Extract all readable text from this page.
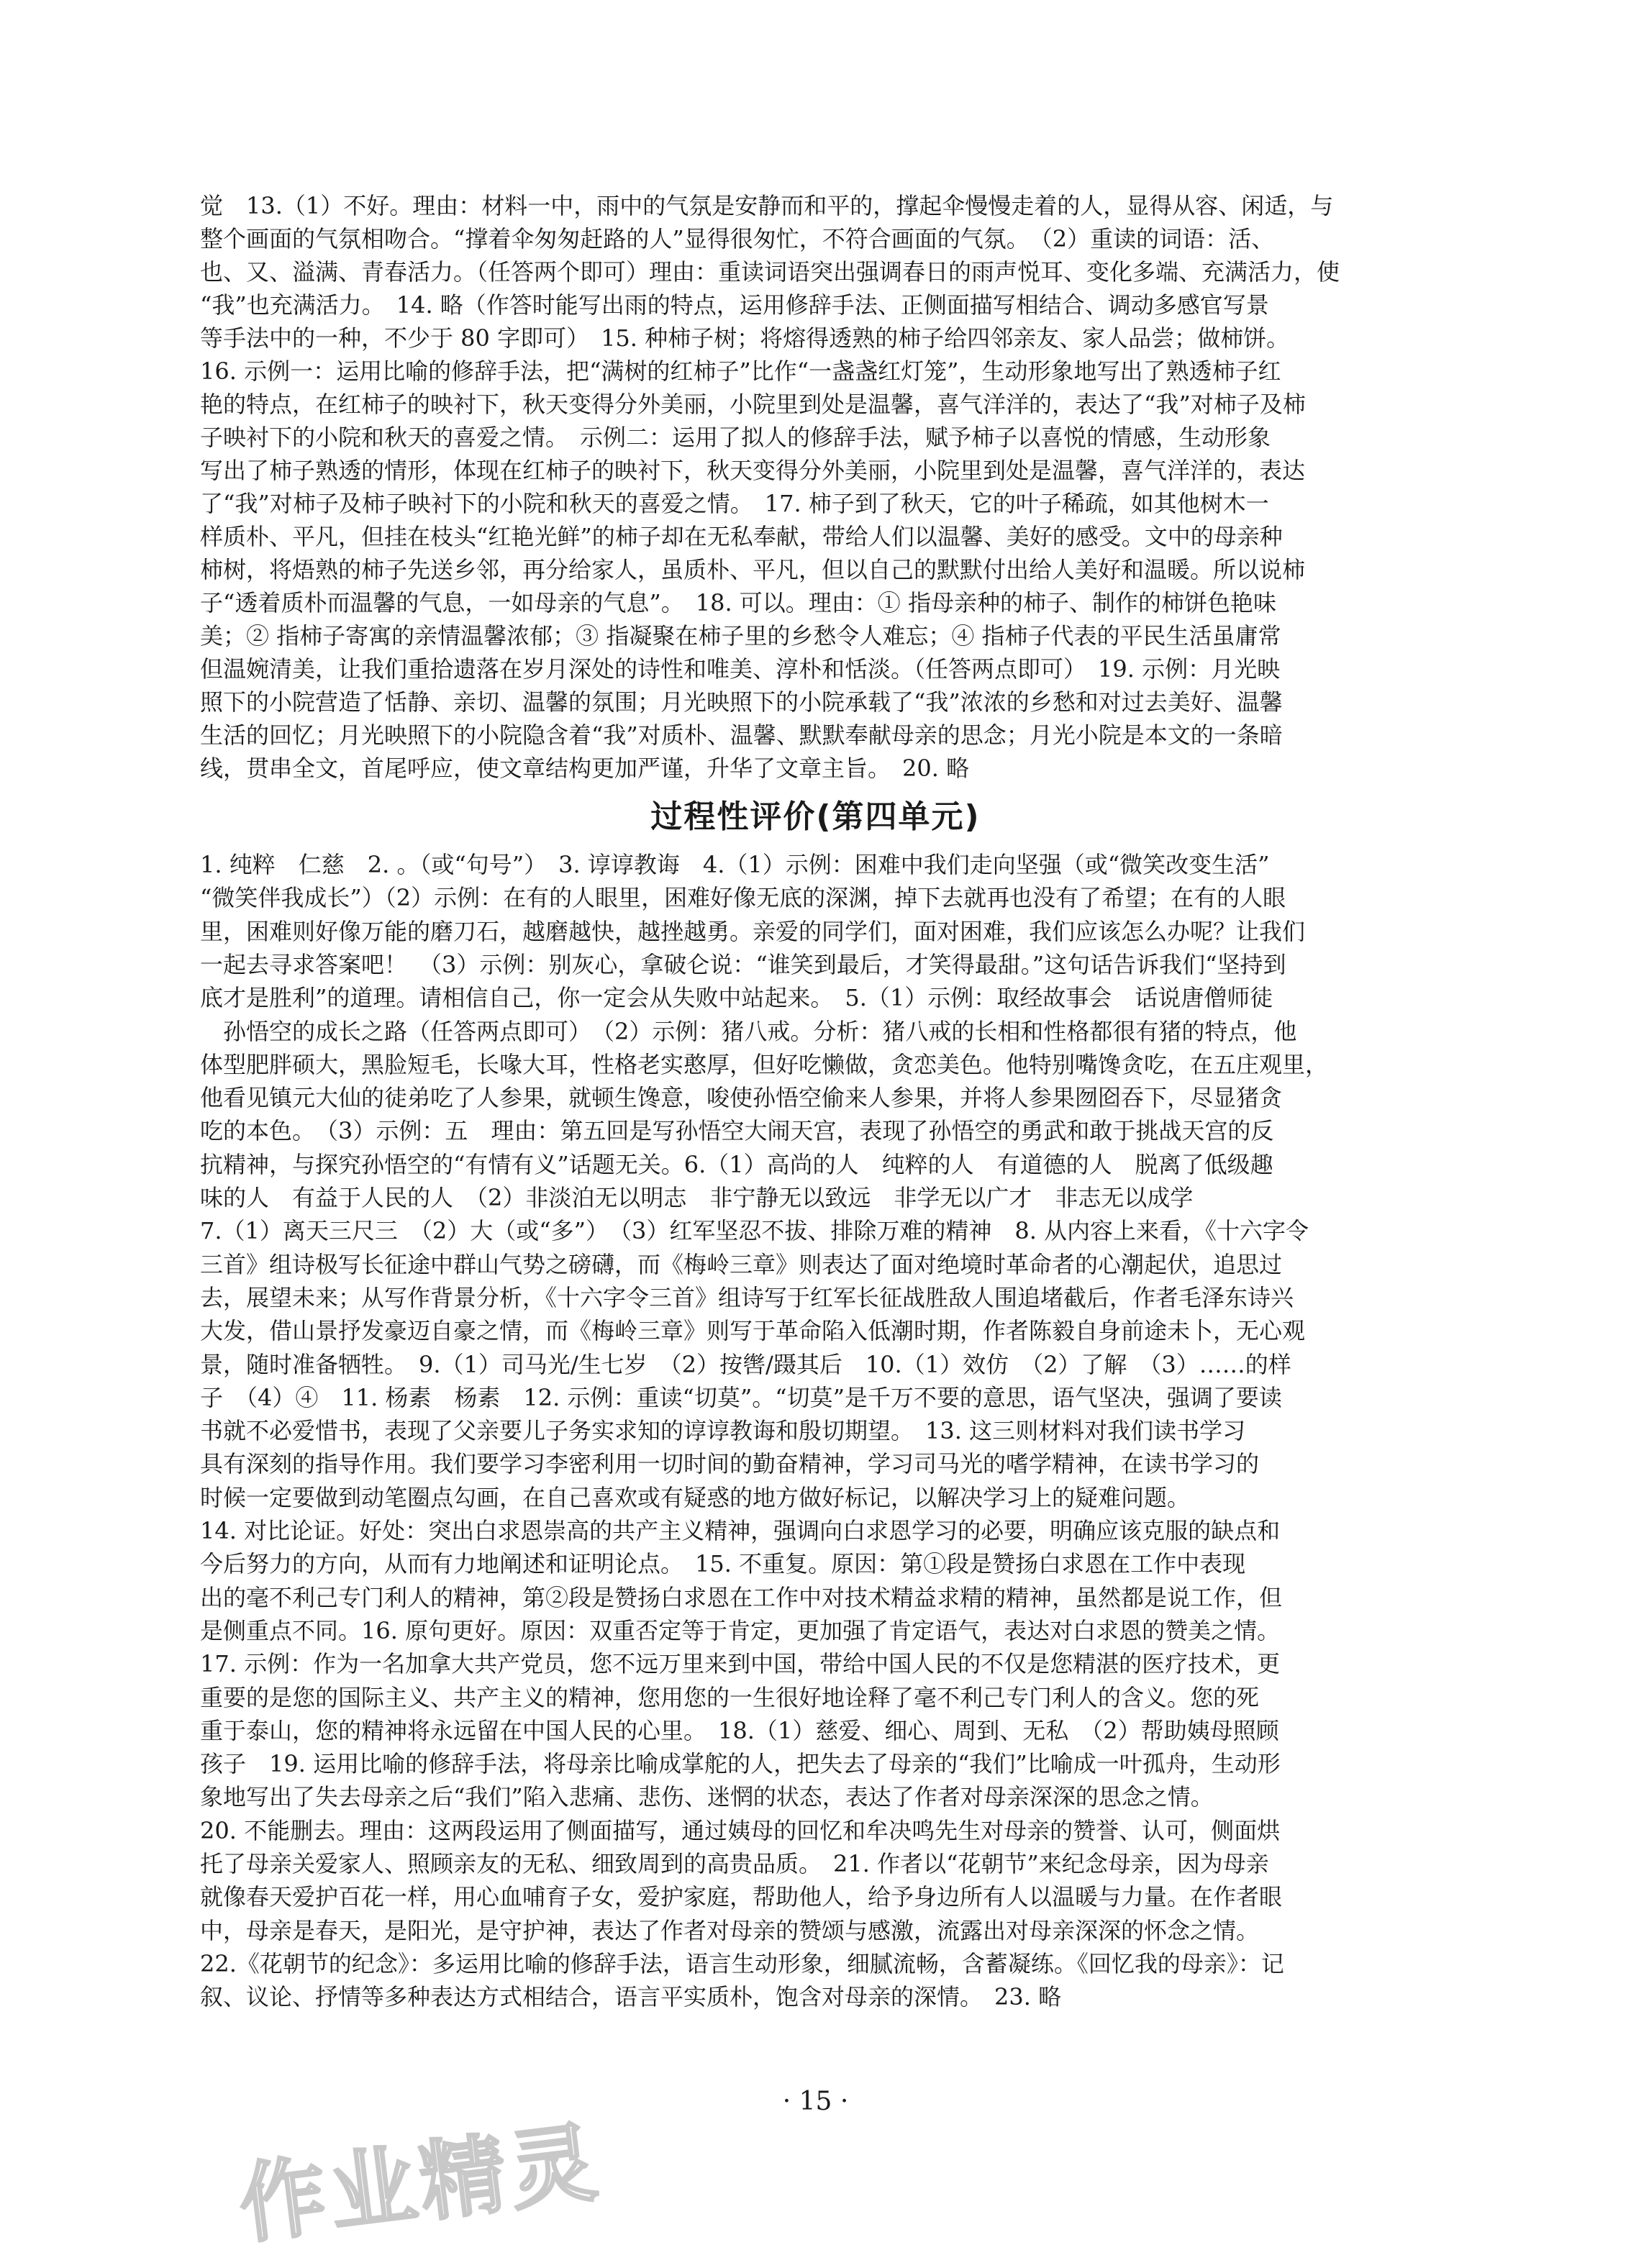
觉　13.（1）不好。理由：材料一中，雨中的气氛是安静而和平的，撑起伞慢慢走着的人，显得从容、闲适，与
整个画面的气氛相吻合。“撑着伞匆匆赶路的人”显得很匆忙，不符合画面的气氛。　（2）重读的词语：活、
也、又、溢满、青春活力。（任答两个即可）理由：重读词语突出强调春日的雨声悦耳、变化多端、充满活力，使
“我”也充满活力。　14. 略（作答时能写出雨的特点，运用修辞手法、正侧面描写相结合、调动多感官写景
等手法中的一种，不少于 80 字即可）　15. 种柿子树；将熔得透熟的柿子给四邻亲友、家人品尝；做柿饼。
16. 示例一：运用比喻的修辞手法，把“满树的红柿子”比作“一盏盏红灯笼”，生动形象地写出了熟透柿子红
艳的特点，在红柿子的映衬下，秋天变得分外美丽，小院里到处是温馨，喜气洋洋的，表达了“我”对柿子及柿
子映衬下的小院和秋天的喜爱之情。　示例二：运用了拟人的修辞手法，赋予柿子以喜悦的情感，生动形象
写出了柿子熟透的情形，体现在红柿子的映衬下，秋天变得分外美丽，小院里到处是温馨，喜气洋洋的，表达
了“我”对柿子及柿子映衬下的小院和秋天的喜爱之情。　17. 柿子到了秋天，它的叶子稀疏，如其他树木一
样质朴、平凡，但挂在枝头“红艳光鲜”的柿子却在无私奉献，带给人们以温馨、美好的感受。文中的母亲种
柿树，将焐熟的柿子先送乡邻，再分给家人，虽质朴、平凡，但以自己的默默付出给人美好和温暖。所以说柿
子“透着质朴而温馨的气息，一如母亲的气息”。　18. 可以。理由：① 指母亲种的柿子、制作的柿饼色艳味
美；② 指柿子寄寓的亲情温馨浓郁；③ 指凝聚在柿子里的乡愁令人难忘；④ 指柿子代表的平民生活虽庸常
但温婉清美，让我们重拾遗落在岁月深处的诗性和唯美、淳朴和恬淡。（任答两点即可）　19. 示例：月光映
照下的小院营造了恬静、亲切、温馨的氛围；月光映照下的小院承载了“我”浓浓的乡愁和对过去美好、温馨
生活的回忆；月光映照下的小院隐含着“我”对质朴、温馨、默默奉献母亲的思念；月光小院是本文的一条暗
线，贯串全文，首尾呼应，使文章结构更加严谨，升华了文章主旨。　20. 略
过程性评价(第四单元)
1. 纯粹　仁慈　2. 。（或“句号”）　3. 谆谆教诲　4.（1）示例：困难中我们走向坚强（或“微笑改变生活”
“微笑伴我成长”）（2）示例：在有的人眼里，困难好像无底的深渊，掉下去就再也没有了希望；在有的人眼
里，困难则好像万能的磨刀石，越磨越快，越挫越勇。亲爱的同学们，面对困难，我们应该怎么办呢？让我们
一起去寻求答案吧！　（3）示例：别灰心，拿破仑说：“谁笑到最后，才笑得最甜。”这句话告诉我们“坚持到
底才是胜利”的道理。请相信自己，你一定会从失败中站起来。　5.（1）示例：取经故事会　话说唐僧师徒
　孙悟空的成长之路（任答两点即可）　（2）示例：猪八戒。分析：猪八戒的长相和性格都很有猪的特点，他
体型肥胖硕大，黑脸短毛，长喙大耳，性格老实憨厚，但好吃懒做，贪恋美色。他特别嘴馋贪吃，在五庄观里，
他看见镇元大仙的徒弟吃了人参果，就顿生馋意，唆使孙悟空偷来人参果，并将人参果囫囵吞下，尽显猪贪
吃的本色。　（3）示例：五　理由：第五回是写孙悟空大闹天宫，表现了孙悟空的勇武和敢于挑战天宫的反
抗精神，与探究孙悟空的“有情有义”话题无关。6.（1）高尚的人　纯粹的人　有道德的人　脱离了低级趣
味的人　有益于人民的人　（2）非淡泊无以明志　非宁静无以致远　非学无以广才　非志无以成学
7.（1）离天三尺三　（2）大（或“多”）　（3）红军坚忍不拔、排除万难的精神　8. 从内容上来看，《十六字令
三首》组诗极写长征途中群山气势之磅礴，而《梅岭三章》则表达了面对绝境时革命者的心潮起伏，追思过
去，展望未来；从写作背景分析，《十六字令三首》组诗写于红军长征战胜敌人围追堵截后，作者毛泽东诗兴
大发，借山景抒发豪迈自豪之情，而《梅岭三章》则写于革命陷入低潮时期，作者陈毅自身前途未卜，无心观
景，随时准备牺牲。　9.（1）司马光/生七岁　（2）按辔/蹑其后　10.（1）效仿　（2）了解　（3）……的样
子　（4）④　11. 杨素　杨素　12. 示例：重读“切莫”。“切莫”是千万不要的意思，语气坚决，强调了要读
书就不必爱惜书，表现了父亲要儿子务实求知的谆谆教诲和殷切期望。　13. 这三则材料对我们读书学习
具有深刻的指导作用。我们要学习李密利用一切时间的勤奋精神，学习司马光的嗜学精神，在读书学习的
时候一定要做到动笔圈点勾画，在自己喜欢或有疑惑的地方做好标记，以解决学习上的疑难问题。
14. 对比论证。好处：突出白求恩崇高的共产主义精神，强调向白求恩学习的必要，明确应该克服的缺点和
今后努力的方向，从而有力地阐述和证明论点。　15. 不重复。原因：第①段是赞扬白求恩在工作中表现
出的毫不利己专门利人的精神，第②段是赞扬白求恩在工作中对技术精益求精的精神，虽然都是说工作，但
是侧重点不同。16. 原句更好。原因：双重否定等于肯定，更加强了肯定语气，表达对白求恩的赞美之情。
17. 示例：作为一名加拿大共产党员，您不远万里来到中国，带给中国人民的不仅是您精湛的医疗技术，更
重要的是您的国际主义、共产主义的精神，您用您的一生很好地诠释了毫不利己专门利人的含义。您的死
重于泰山，您的精神将永远留在中国人民的心里。　18.（1）慈爱、细心、周到、无私　（2）帮助姨母照顾
孩子　19. 运用比喻的修辞手法，将母亲比喻成掌舵的人，把失去了母亲的“我们”比喻成一叶孤舟，生动形
象地写出了失去母亲之后“我们”陷入悲痛、悲伤、迷惘的状态，表达了作者对母亲深深的思念之情。
20. 不能删去。理由：这两段运用了侧面描写，通过姨母的回忆和牟决鸣先生对母亲的赞誉、认可，侧面烘
托了母亲关爱家人、照顾亲友的无私、细致周到的高贵品质。　21. 作者以“花朝节”来纪念母亲，因为母亲
就像春天爱护百花一样，用心血哺育子女，爱护家庭，帮助他人，给予身边所有人以温暖与力量。在作者眼
中，母亲是春天，是阳光，是守护神，表达了作者对母亲的赞颂与感激，流露出对母亲深深的怀念之情。
22.《花朝节的纪念》：多运用比喻的修辞手法，语言生动形象，细腻流畅，含蓄凝练。《回忆我的母亲》：记
叙、议论、抒情等多种表达方式相结合，语言平实质朴，饱含对母亲的深情。　23. 略
· 15 ·
作业精灵
